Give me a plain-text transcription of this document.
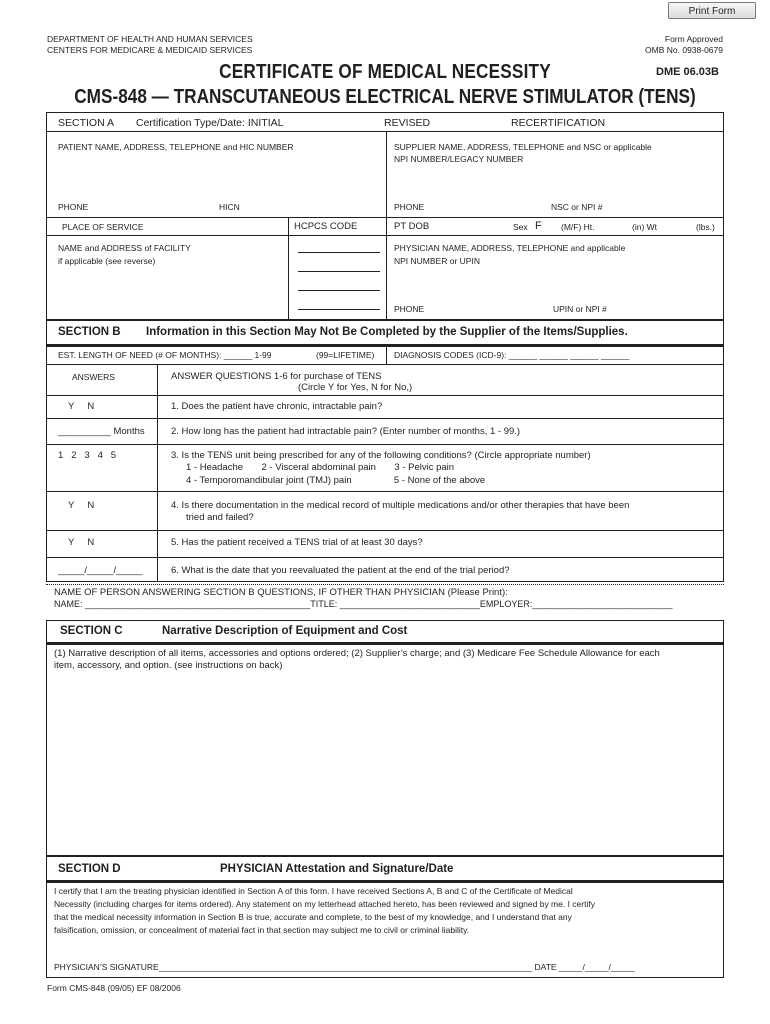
Print Form
DEPARTMENT OF HEALTH AND HUMAN SERVICES
CENTERS FOR MEDICARE & MEDICAID SERVICES
Form Approved
OMB No. 0938-0679
DME 06.03B
CERTIFICATE OF MEDICAL NECESSITY
CMS-848 — TRANSCUTANEOUS ELECTRICAL NERVE STIMULATOR (TENS)
SECTION A Certification Type/Date: INITIAL	REVISED	RECERTIFICATION
PATIENT NAME, ADDRESS, TELEPHONE and HIC NUMBER	SUPPLIER NAME, ADDRESS, TELEPHONE and NSC or applicable
NPI NUMBER/LEGACY NUMBER
PHONE	HICN	PHONE	NSC or NPI #
PLACE OF SERVICE	HCPCS CODE	PT DOB	Sex F (M/F) Ht.	(in) Wt	(lbs.)
NAME and ADDRESS of FACILITY
if applicable (see reverse)
PHYSICIAN NAME, ADDRESS, TELEPHONE and applicable
NPI NUMBER or UPIN
PHONE	UPIN or NPI #
SECTION B Information in this Section May Not Be Completed by the Supplier of the Items/Supplies.
EST. LENGTH OF NEED (# OF MONTHS): ______ 1-99	(99=LIFETIME) DIAGNOSIS CODES (ICD-9): ______ ______ ______ ______
ANSWERS	ANSWER QUESTIONS 1-6 for purchase of TENS
(Circle Y for Yes, N for No,)
Y     N	1. Does the patient have chronic, intractable pain?
__________ Months	2. How long has the patient had intractable pain? (Enter number of months, 1 - 99.)
1   2   3   4   5	3. Is the TENS unit being prescribed for any of the following conditions? (Circle appropriate number)
1 - Headache       2 - Visceral abdominal pain       3 - Pelvic pain
4 - Temporomandibular joint (TMJ) pain                5 - None of the above
Y     N	4. Is there documentation in the medical record of multiple medications and/or other therapies that have been
tried and failed?
Y     N	5. Has the patient received a TENS trial of at least 30 days?
_____/_____/_____	6. What is the date that you reevaluated the patient at the end of the trial period?
NAME OF PERSON ANSWERING SECTION B QUESTIONS, IF OTHER THAN PHYSICIAN (Please Print):
NAME: _____________________________________________TITLE: ____________________________EMPLOYER:____________________________
SECTION C	Narrative Description of Equipment and Cost
(1) Narrative description of all items, accessories and options ordered; (2) Supplier’s charge; and (3) Medicare Fee Schedule Allowance for each
item, accessory, and option. (see instructions on back)
SECTION D	PHYSICIAN Attestation and Signature/Date
I certify that I am the treating physician identified in Section A of this form. I have received Sections A, B and C of the Certificate of Medical
Necessity (including charges for items ordered). Any statement on my letterhead attached hereto, has been reviewed and signed by me. I certify
that the medical necessity information in Section B is true, accurate and complete, to the best of my knowledge, and I understand that any
falsification, omission, or concealment of material fact in that section may subject me to civil or criminal liability.
PHYSICIAN’S SIGNATURE_______________________________________________________________________________ DATE _____/_____/_____
Form CMS-848 (09/05) EF 08/2006
